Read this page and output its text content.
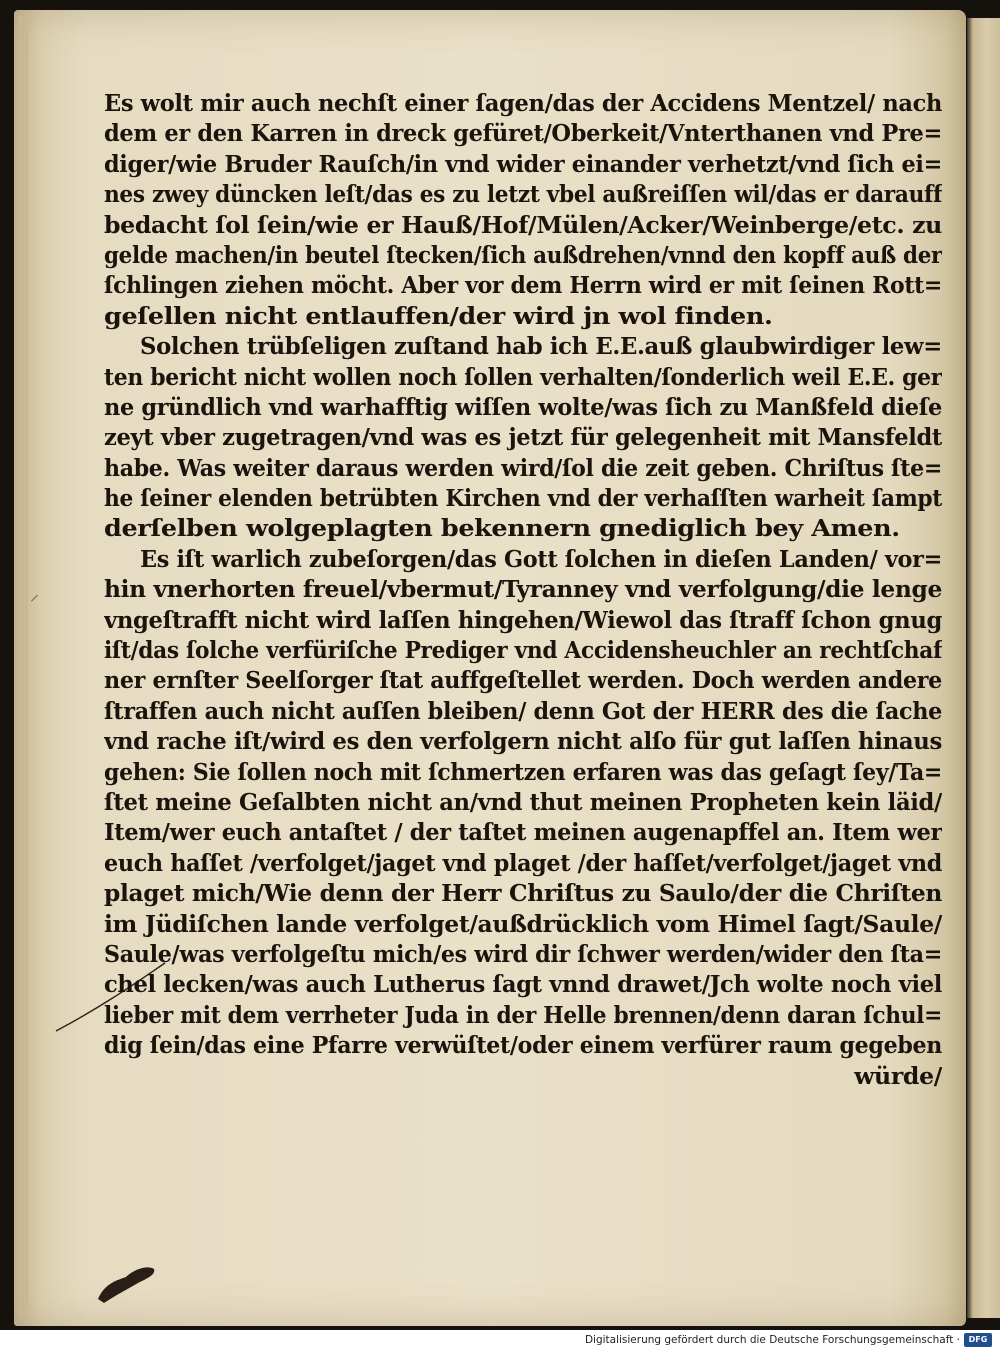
⸝
Es wolt mir auch nechſt einer ſagen/das der Accidens Mentzel/ nach
dem er den Karren in dreck gefüret/Oberkeit/Vnterthanen vnd Pre=
diger/wie Bruder Rauſch/in vnd wider einander verhetzt/vnd ſich ei=
nes zwey düncken leſt/das es zu letzt vbel außreiſſen wil/das er darauff
bedacht ſol ſein/wie er Hauß/Hof/Mülen/Acker/Weinberge/etc. zu
gelde machen/in beutel ſtecken/ſich außdrehen/vnnd den kopff auß der
ſchlingen ziehen möcht. Aber vor dem Herrn wird er mit ſeinen Rott=
geſellen nicht entlauffen/der wird jn wol finden.
Solchen trübſeligen zuſtand hab ich E.E.auß glaubwirdiger lew=
ten bericht nicht wollen noch ſollen verhalten/ſonderlich weil E.E. ger
ne gründlich vnd warhafftig wiſſen wolte/was ſich zu Manßfeld dieſe
zeyt vber zugetragen/vnd was es jetzt für gelegenheit mit Mansfeldt
habe. Was weiter daraus werden wird/ſol die zeit geben. Chriſtus ſte=
he ſeiner elenden betrübten Kirchen vnd der verhaſſten warheit ſampt
derſelben wolgeplagten bekennern gnediglich bey Amen.
Es iſt warlich zubeſorgen/das Gott ſolchen in dieſen Landen/ vor=
hin vnerhorten freuel/vbermut/Tyranney vnd verfolgung/die lenge
vngeſtrafft nicht wird laſſen hingehen/Wiewol das ſtraff ſchon gnug
iſt/das ſolche verfüriſche Prediger vnd Accidensheuchler an rechtſchaf
ner ernſter Seelſorger ſtat auffgeſtellet werden. Doch werden andere
ſtraffen auch nicht auſſen bleiben/ denn Got der HERR des die ſache
vnd rache iſt/wird es den verfolgern nicht alſo für gut laſſen hinaus
gehen: Sie ſollen noch mit ſchmertzen erfaren was das geſagt ſey/Ta=
ſtet meine Geſalbten nicht an/vnd thut meinen Propheten kein läid/
Item/wer euch antaſtet / der taſtet meinen augenapffel an. Item wer
euch haſſet /verfolget/jaget vnd plaget /der haſſet/verfolget/jaget vnd
plaget mich/Wie denn der Herr Chriſtus zu Saulo/der die Chriſten
im Jüdiſchen lande verfolget/außdrücklich vom Himel ſagt/Saule/
Saule/was verfolgeſtu mich/es wird dir ſchwer werden/wider den ſta=
chel lecken/was auch Lutherus ſagt vnnd drawet/Jch wolte noch viel
lieber mit dem verrheter Juda in der Helle brennen/denn daran ſchul=
dig ſein/das eine Pfarre verwüſtet/oder einem verfürer raum gegeben
würde/
Digitalisierung gefördert durch die Deutsche Forschungsgemeinschaft ·	DFG
